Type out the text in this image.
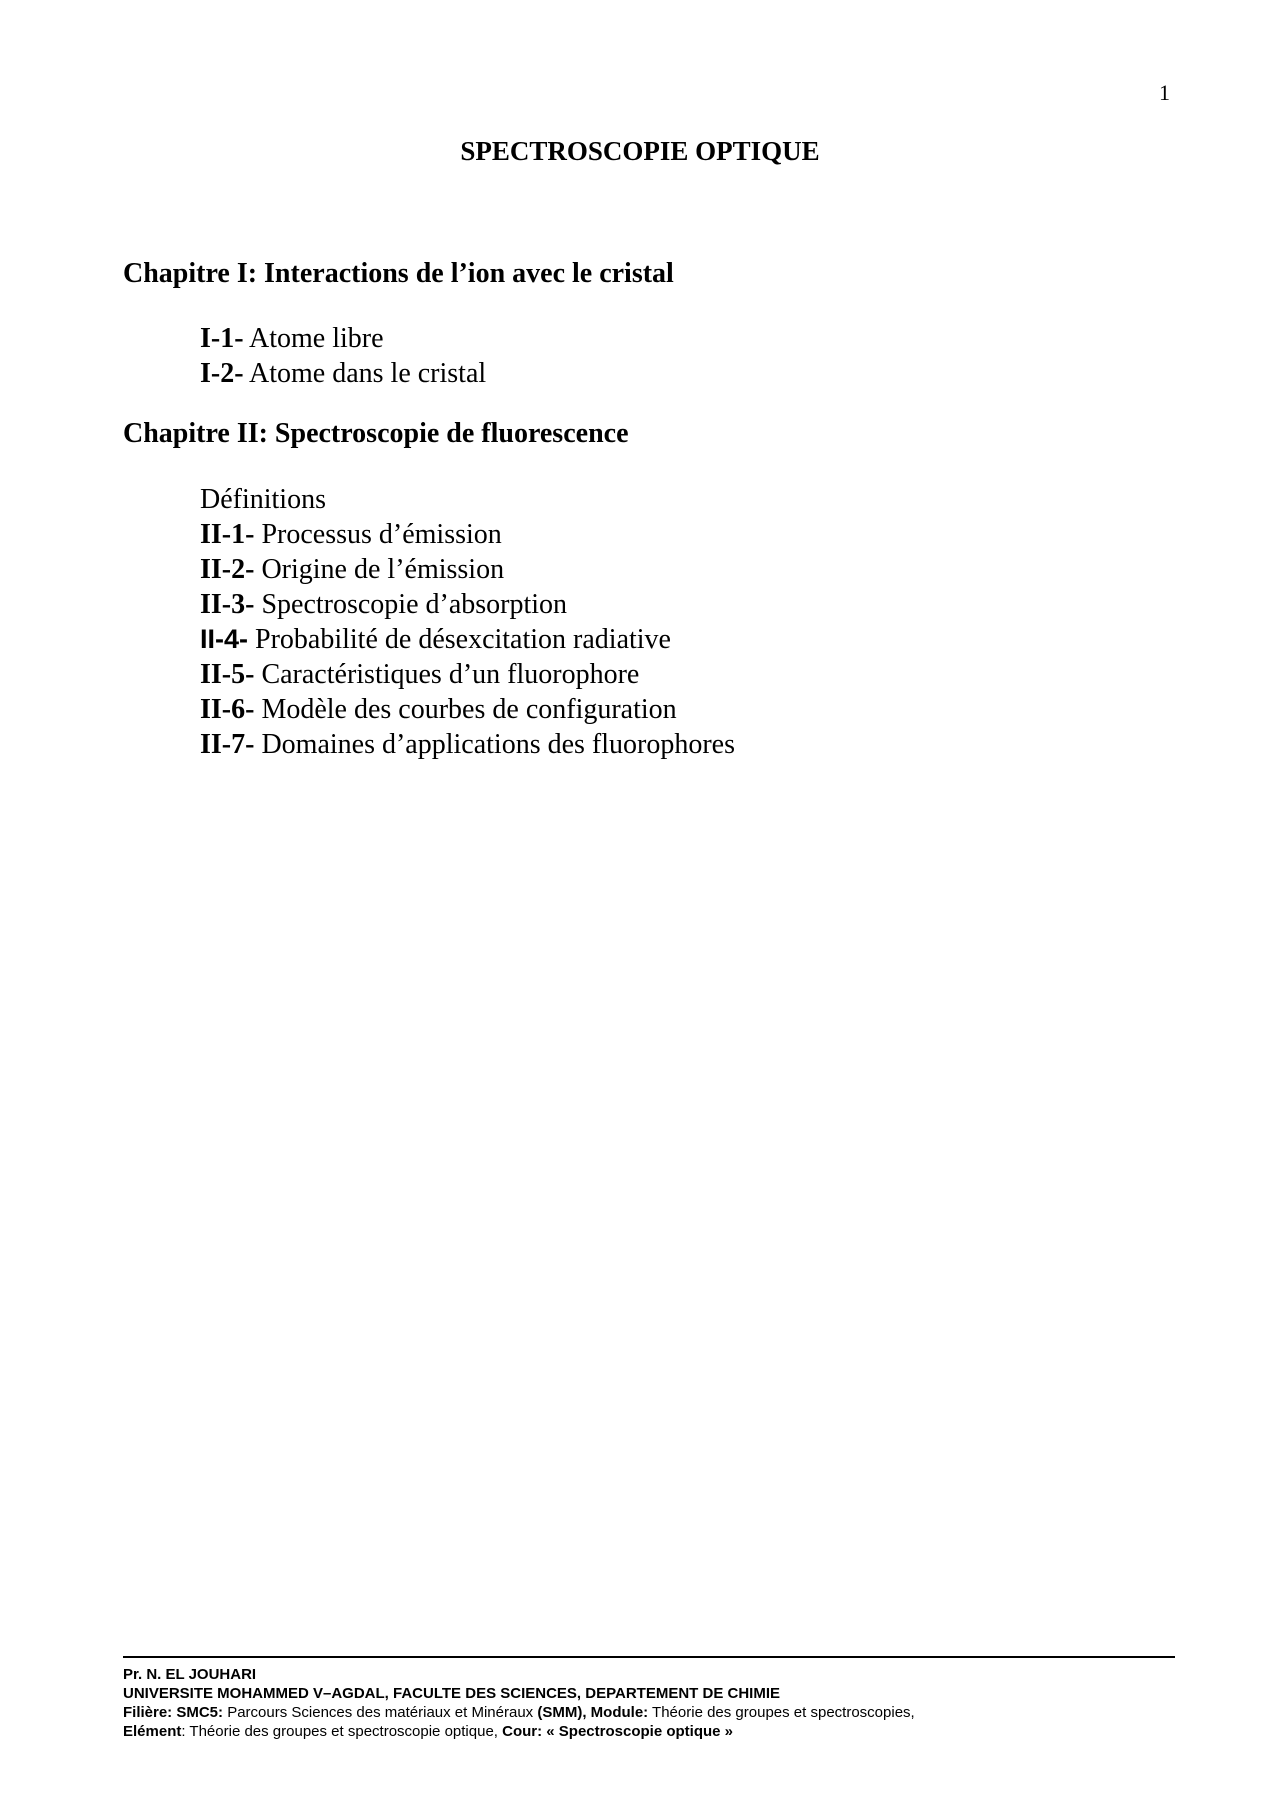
1
SPECTROSCOPIE OPTIQUE
Chapitre I: Interactions de l’ion avec le cristal
I-1- Atome libre
I-2- Atome dans le cristal
Chapitre II: Spectroscopie de fluorescence
Définitions
II-1- Processus d’émission
II-2- Origine de l’émission
II-3- Spectroscopie d’absorption
II-4- Probabilité de désexcitation radiative
II-5- Caractéristiques d’un fluorophore
II-6- Modèle des courbes de configuration
II-7- Domaines d’applications des fluorophores
Pr. N. EL JOUHARI
UNIVERSITE MOHAMMED V–AGDAL, FACULTE DES SCIENCES, DEPARTEMENT DE CHIMIE
Filière: SMC5: Parcours Sciences des matériaux et Minéraux (SMM), Module: Théorie des groupes et spectroscopies,
Elément: Théorie des groupes et spectroscopie optique, Cour: « Spectroscopie optique »
